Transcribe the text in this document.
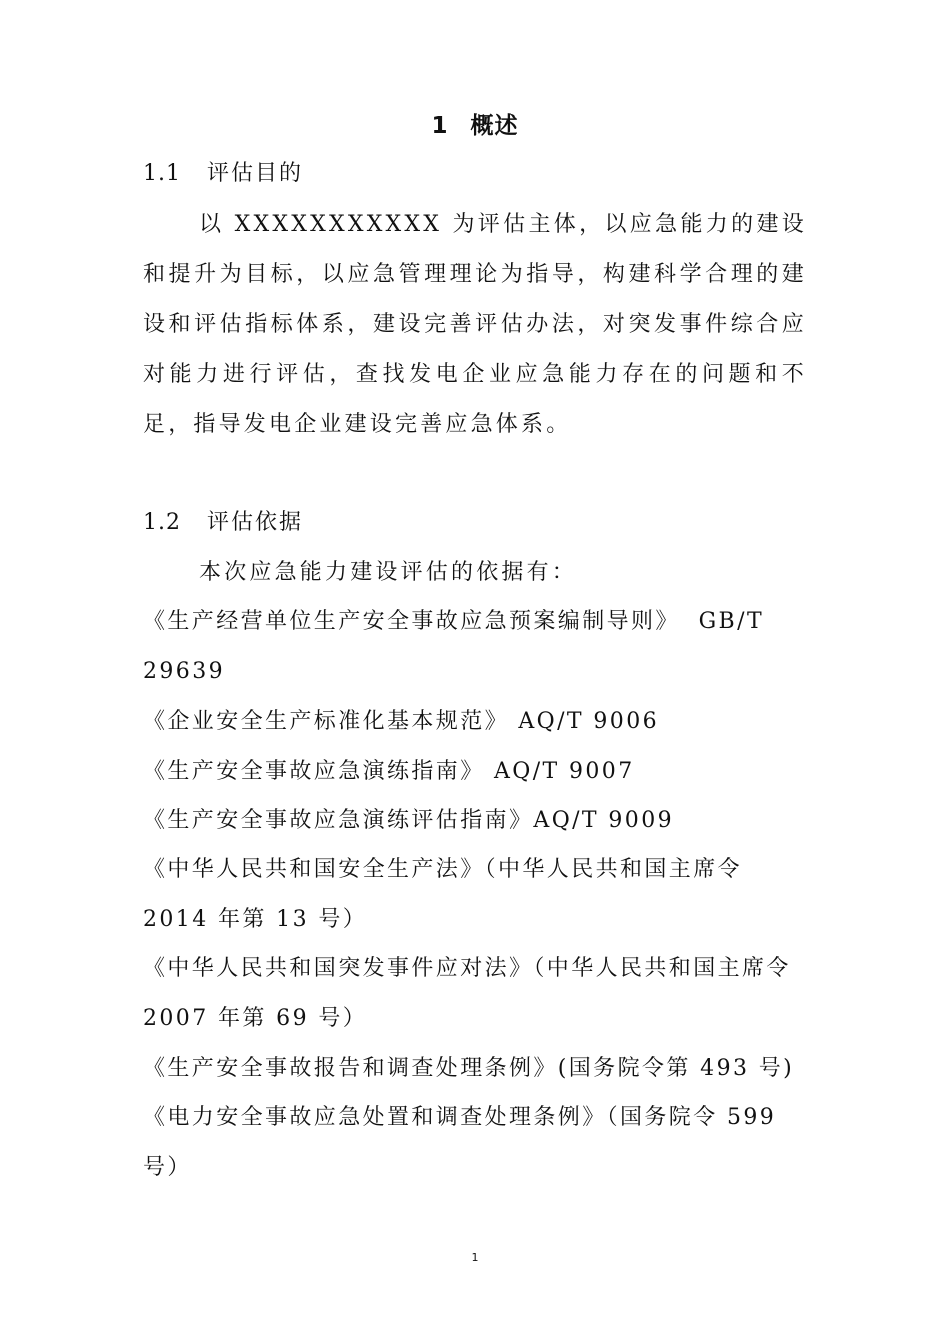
1 概述
1.1 评估目的
以 XXXXXXXXXXX 为评估主体，以应急能力的建设和提升为目标，以应急管理理论为指导，构建科学合理的建设和评估指标体系，建设完善评估办法，对突发事件综合应对能力进行评估，查找发电企业应急能力存在的问题和不足，指导发电企业建设完善应急体系。
1.2 评估依据
本次应急能力建设评估的依据有：
《生产经营单位生产安全事故应急预案编制导则》  GB/T 29639
《企业安全生产标准化基本规范》 AQ/T 9006
《生产安全事故应急演练指南》 AQ/T 9007
《生产安全事故应急演练评估指南》AQ/T 9009
《中华人民共和国安全生产法》（中华人民共和国主席令 2014 年第 13 号）
《中华人民共和国突发事件应对法》（中华人民共和国主席令 2007 年第 69 号）
《生产安全事故报告和调查处理条例》(国务院令第 493 号)
《电力安全事故应急处置和调查处理条例》（国务院令 599 号）
1
